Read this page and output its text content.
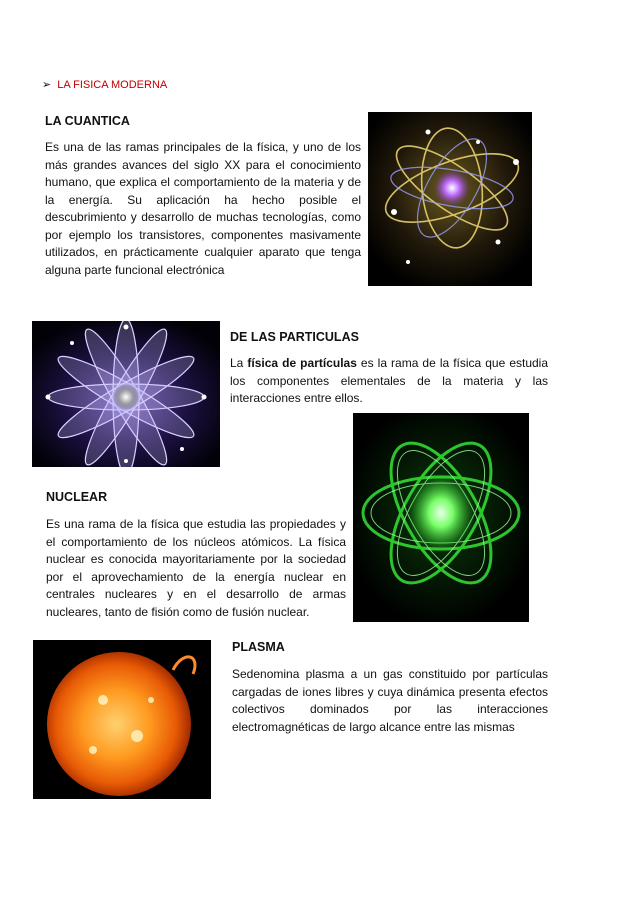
➢ LA FISICA MODERNA
LA CUANTICA
Es una de las ramas principales de la física, y uno de los más grandes avances del siglo XX para el conocimiento humano, que explica el comportamiento de la materia y de la energía. Su aplicación ha hecho posible el descubrimiento y desarrollo de muchas tecnologías, como por ejemplo los transistores, componentes masivamente utilizados, en prácticamente cualquier aparato que tenga alguna parte funcional electrónica
DE LAS PARTICULAS
La física de partículas es la rama de la física que estudia los componentes elementales de la materia y las interacciones entre ellos.
NUCLEAR
Es una rama de la física que estudia las propiedades y el comportamiento de los núcleos atómicos. La física nuclear es conocida mayoritariamente por la sociedad por el aprovechamiento de la energía nuclear en centrales nucleares y en el desarrollo de armas nucleares, tanto de fisión como de fusión nuclear.
PLASMA
Sedenomina plasma a un gas constituido por partículas cargadas de iones libres y cuya dinámica presenta efectos colectivos dominados por las interacciones electromagnéticas de largo alcance entre las mismas
